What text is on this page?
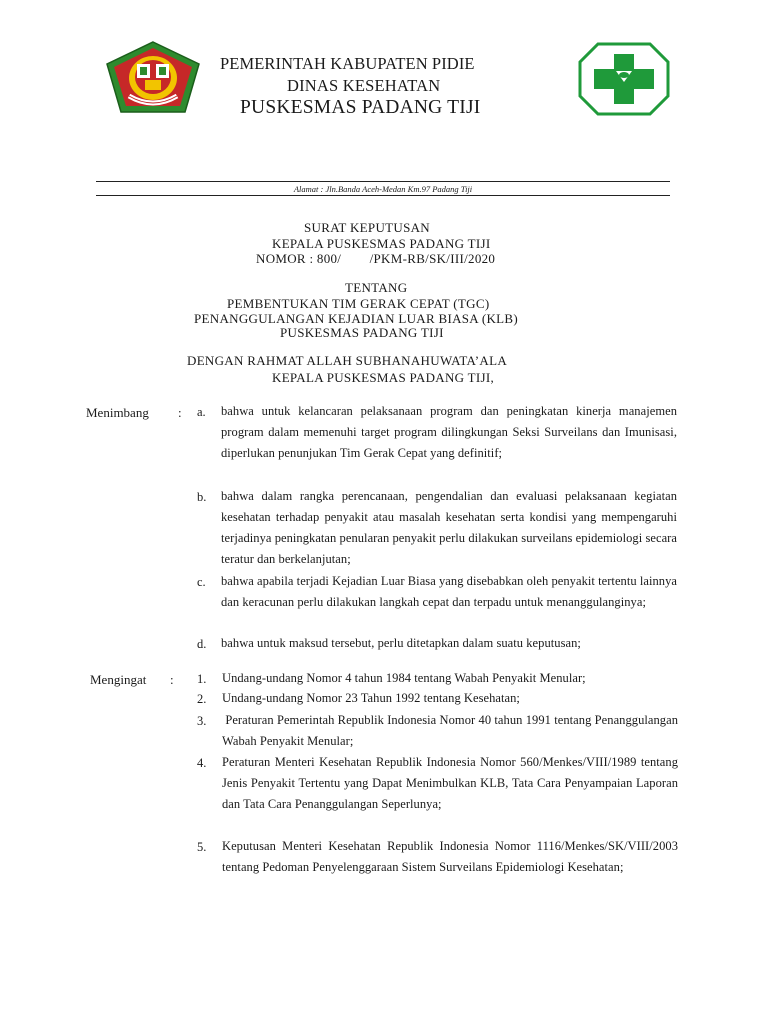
PEMERINTAH KABUPATEN PIDIE
DINAS KESEHATAN
PUSKESMAS PADANG TIJI
Alamat : Jln.Banda Aceh-Medan Km.97 Padang Tiji
SURAT KEPUTUSAN
KEPALA PUSKESMAS PADANG TIJI
NOMOR : 800/        /PKM-RB/SK/III/2020
TENTANG
PEMBENTUKAN TIM GERAK CEPAT (TGC)
PENANGGULANGAN KEJADIAN LUAR BIASA (KLB)
PUSKESMAS PADANG TIJI
DENGAN RAHMAT ALLAH SUBHANAHUWATA’ALA
KEPALA PUSKESMAS PADANG TIJI,
Menimbang : a. bahwa untuk kelancaran pelaksanaan program dan peningkatan kinerja manajemen program dalam memenuhi target program dilingkungan Seksi Surveilans dan Imunisasi, diperlukan penunjukan Tim Gerak Cepat yang definitif;
b. bahwa dalam rangka perencanaan, pengendalian dan evaluasi pelaksanaan kegiatan kesehatan terhadap penyakit atau masalah kesehatan serta kondisi yang mempengaruhi terjadinya peningkatan penularan penyakit perlu dilakukan surveilans epidemiologi secara teratur dan berkelanjutan;
c. bahwa apabila terjadi Kejadian Luar Biasa yang disebabkan oleh penyakit tertentu lainnya dan keracunan perlu dilakukan langkah cepat dan terpadu untuk menanggulanginya;
d. bahwa untuk maksud tersebut, perlu ditetapkan dalam suatu keputusan;
Mengingat : 1. Undang-undang Nomor 4 tahun 1984 tentang Wabah Penyakit Menular;
2. Undang-undang Nomor 23 Tahun 1992 tentang Kesehatan;
3. Peraturan Pemerintah Republik Indonesia Nomor 40 tahun 1991 tentang Penanggulangan Wabah Penyakit Menular;
4. Peraturan Menteri Kesehatan Republik Indonesia Nomor 560/Menkes/VIII/1989 tentang Jenis Penyakit Tertentu yang Dapat Menimbulkan KLB, Tata Cara Penyampaian Laporan dan Tata Cara Penanggulangan Seperlunya;
5. Keputusan Menteri Kesehatan Republik Indonesia Nomor 1116/Menkes/SK/VIII/2003 tentang Pedoman Penyelenggaraan Sistem Surveilans Epidemiologi Kesehatan;
